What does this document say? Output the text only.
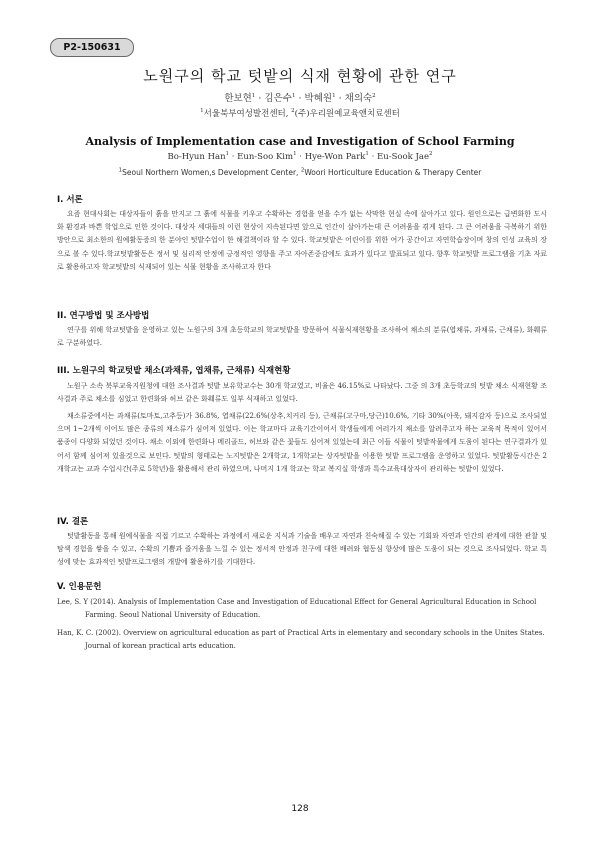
P2-150631
노원구의 학교 텃밭의 식재 현황에 관한 연구
한보현$^1$ · 김은수$^1$ · 박혜원$^1$ · 채의숙$^2$
$^1$서울북부여성발전센터, $^2$(주)우리원예교육앤치료센터
Analysis of Implementation case and Investigation of School Farming
Bo-Hyun Han$^1$ · Eun-Soo Kim$^1$ · Hye-Won Park$^1$ · Eu-Sook Jae$^2$
$^1$Seoul Northern Women,s Development Center, $^2$Woori Horticulture Education & Therapy Center
I. 서론

요즘 현대사회는 대상자들이 흙을 만지고 그 흙에 식물을 키우고 수확하는 경험을 얻을 수가 없는 삭막한 현실 속에 살아가고 있다. 원인으로는 급변화한 도시화 환경과 바쁜 학업으로 인한 것이다. 대상자 세대들의 이런 현상이 지속된다면 앞으로 인간이 살아가는데 큰 어려움을 겪게 된다. 그 큰 어려움을 극복하기 위한 방안으로 최소한의 원예활동증의 한 분야인 텃밭수업이 한 해결책이라 할 수 있다. 학교텃밭은 어린이를 위한 여가 공간이고 자연학습장이며 창의 인성 교육의 장으로 볼 수 있다.학교텃밭활동은 정서 및 심리적 안정에 긍정적인 영향을 주고 자아존중감에도 효과가 있다고 발표되고 있다. 향후 학교텃밭 프로그램을 기초 자료로 활용하고자 학교텃밭의 식재되어 있는 식물 현황을 조사하고자 한다

II. 연구방법 및 조사방법

연구를 위해 학교텃밭을 운영하고 있는 노원구의 3개 초등학교의 학교텃밭을 방문하여 식물식재현황을 조사하여 채소의 분류(엽채류, 과채류, 근채류), 화훼류로 구분하였다.

III. 노원구의 학교텃밭 채소(과채류, 엽채류, 근채류) 식재현황

노원구 소속 북부교육지원청에 대한 조사결과 텃밭 보유학교수는 30개 학교였고, 비율은 46.15%로 나타났다. 그중 의 3개 초등학교의 텃밭 채소 식재현황 조사결과 주로 채소를 심었고 한련화와 허브 같은 화훼류도 일부 식재하고 있었다.

채소류중에서는 과채류(토마토,고추등)가 36.8%, 엽채류(22.6%(상추,치커리 등), 근채류(고구마,당근)10.6%, 기타 30%(아욱, 돼지감자 등)으로 조사되었으며 1~2개씩 이어도 많은 종류의 채소류가 심어져 있었다. 이는 학교마다 교육기간이어서 학생들에게 여러가지 채소를 알려주고자 하는 교육적 목적이 있어서 품종이 다양화 되었던 것이다. 채소 이외에 한련화나 메리골드, 허브와 같은 꽃들도 심어져 있었는데 최근 이들 식물이 텃밭작물에게 도움이 된다는 연구결과가 있어서 함께 심어져 있을것으로 보인다. 텃밭의 형태로는 노지텃밭은 2개학교, 1개학교는 상자텃밭을 이용한 텃밭 프로그램을 운영하고 있었다. 텃밭활동시간은 2개학교는 교과 수업시간(주로 5학년)을 활용해서 관리 하였으며, 나머지 1개 학교는 학교 복지실 학생과 특수교육대상자이 관리하는 텃밭이 있었다.

IV. 결론

텃밭활동을 통해 원예식물을 직접 기르고 수확하는 과정에서 새로운 지식과 기술을 배우고 자연과 친숙해질 수 있는 기회와 자연과 인간의 관계에 대한 관찰 및 탐색 경험을 쌓을 수 있고, 수확의 기쁨과 즐거움을 느낄 수 있는 정서적 안정과 친구에 대한 배려와 협동심 향상에 많은 도움이 되는 것으로 조사되었다. 학교 특성에 맞는 효과적인 텃밭프로그램의 개발에 활용하기를 기대한다.

V. 인용문헌

Lee, S. Y (2014). Analysis of Implementation Case and Investigation of Educational Effect for General Agricultural Education in School Farming. Seoul National University of Education.

Han, K. C. (2002). Overview on agricultural education as part of Practical Arts in elementary and secondary schools in the Unites States. Journal of korean practical arts education.

128
